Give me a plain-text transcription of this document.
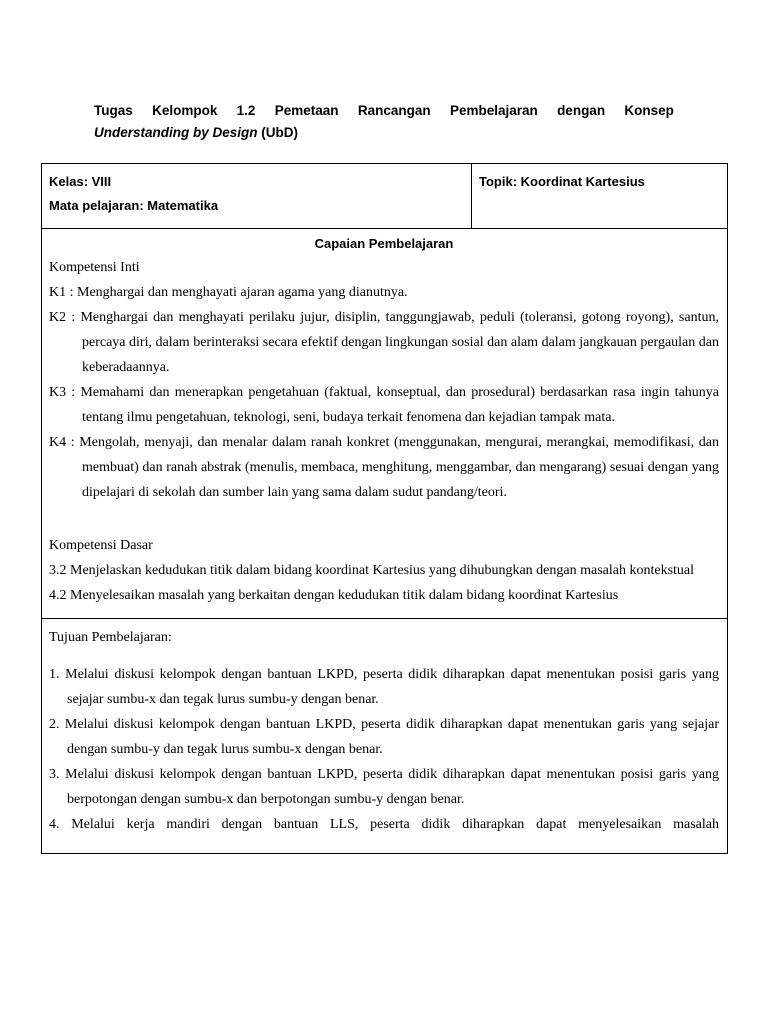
Tugas Kelompok 1.2 Pemetaan Rancangan Pembelajaran dengan Konsep
Understanding by Design (UbD)
Kelas: VIII
Mata pelajaran: Matematika

Topik: Koordinat Kartesius

Capaian Pembelajaran
Kompetensi Inti
K1 : Menghargai dan menghayati ajaran agama yang dianutnya.
K2 : Menghargai dan menghayati perilaku jujur, disiplin, tanggungjawab, peduli (toleransi, gotong royong), santun, percaya diri, dalam berinteraksi secara efektif dengan lingkungan sosial dan alam dalam jangkauan pergaulan dan keberadaannya.
K3 : Memahami dan menerapkan pengetahuan (faktual, konseptual, dan prosedural) berdasarkan rasa ingin tahunya tentang ilmu pengetahuan, teknologi, seni, budaya terkait fenomena dan kejadian tampak mata.
K4 : Mengolah, menyaji, dan menalar dalam ranah konkret (menggunakan, mengurai, merangkai, memodifikasi, dan membuat) dan ranah abstrak (menulis, membaca, menghitung, menggambar, dan mengarang) sesuai dengan yang dipelajari di sekolah dan sumber lain yang sama dalam sudut pandang/teori.
Kompetensi Dasar
3.2 Menjelaskan kedudukan titik dalam bidang koordinat Kartesius yang dihubungkan dengan masalah kontekstual
4.2 Menyelesaikan masalah yang berkaitan dengan kedudukan titik dalam bidang koordinat Kartesius

Tujuan Pembelajaran:
1. Melalui diskusi kelompok dengan bantuan LKPD, peserta didik diharapkan dapat menentukan posisi garis yang sejajar sumbu-x dan tegak lurus sumbu-y dengan benar.
2. Melalui diskusi kelompok dengan bantuan LKPD, peserta didik diharapkan dapat menentukan garis yang sejajar dengan sumbu-y dan tegak lurus sumbu-x dengan benar.
3. Melalui diskusi kelompok dengan bantuan LKPD, peserta didik diharapkan dapat menentukan posisi garis yang berpotongan dengan sumbu-x dan berpotongan sumbu-y dengan benar.
4. Melalui kerja mandiri dengan bantuan LLS, peserta didik diharapkan dapat menyelesaikan masalah
